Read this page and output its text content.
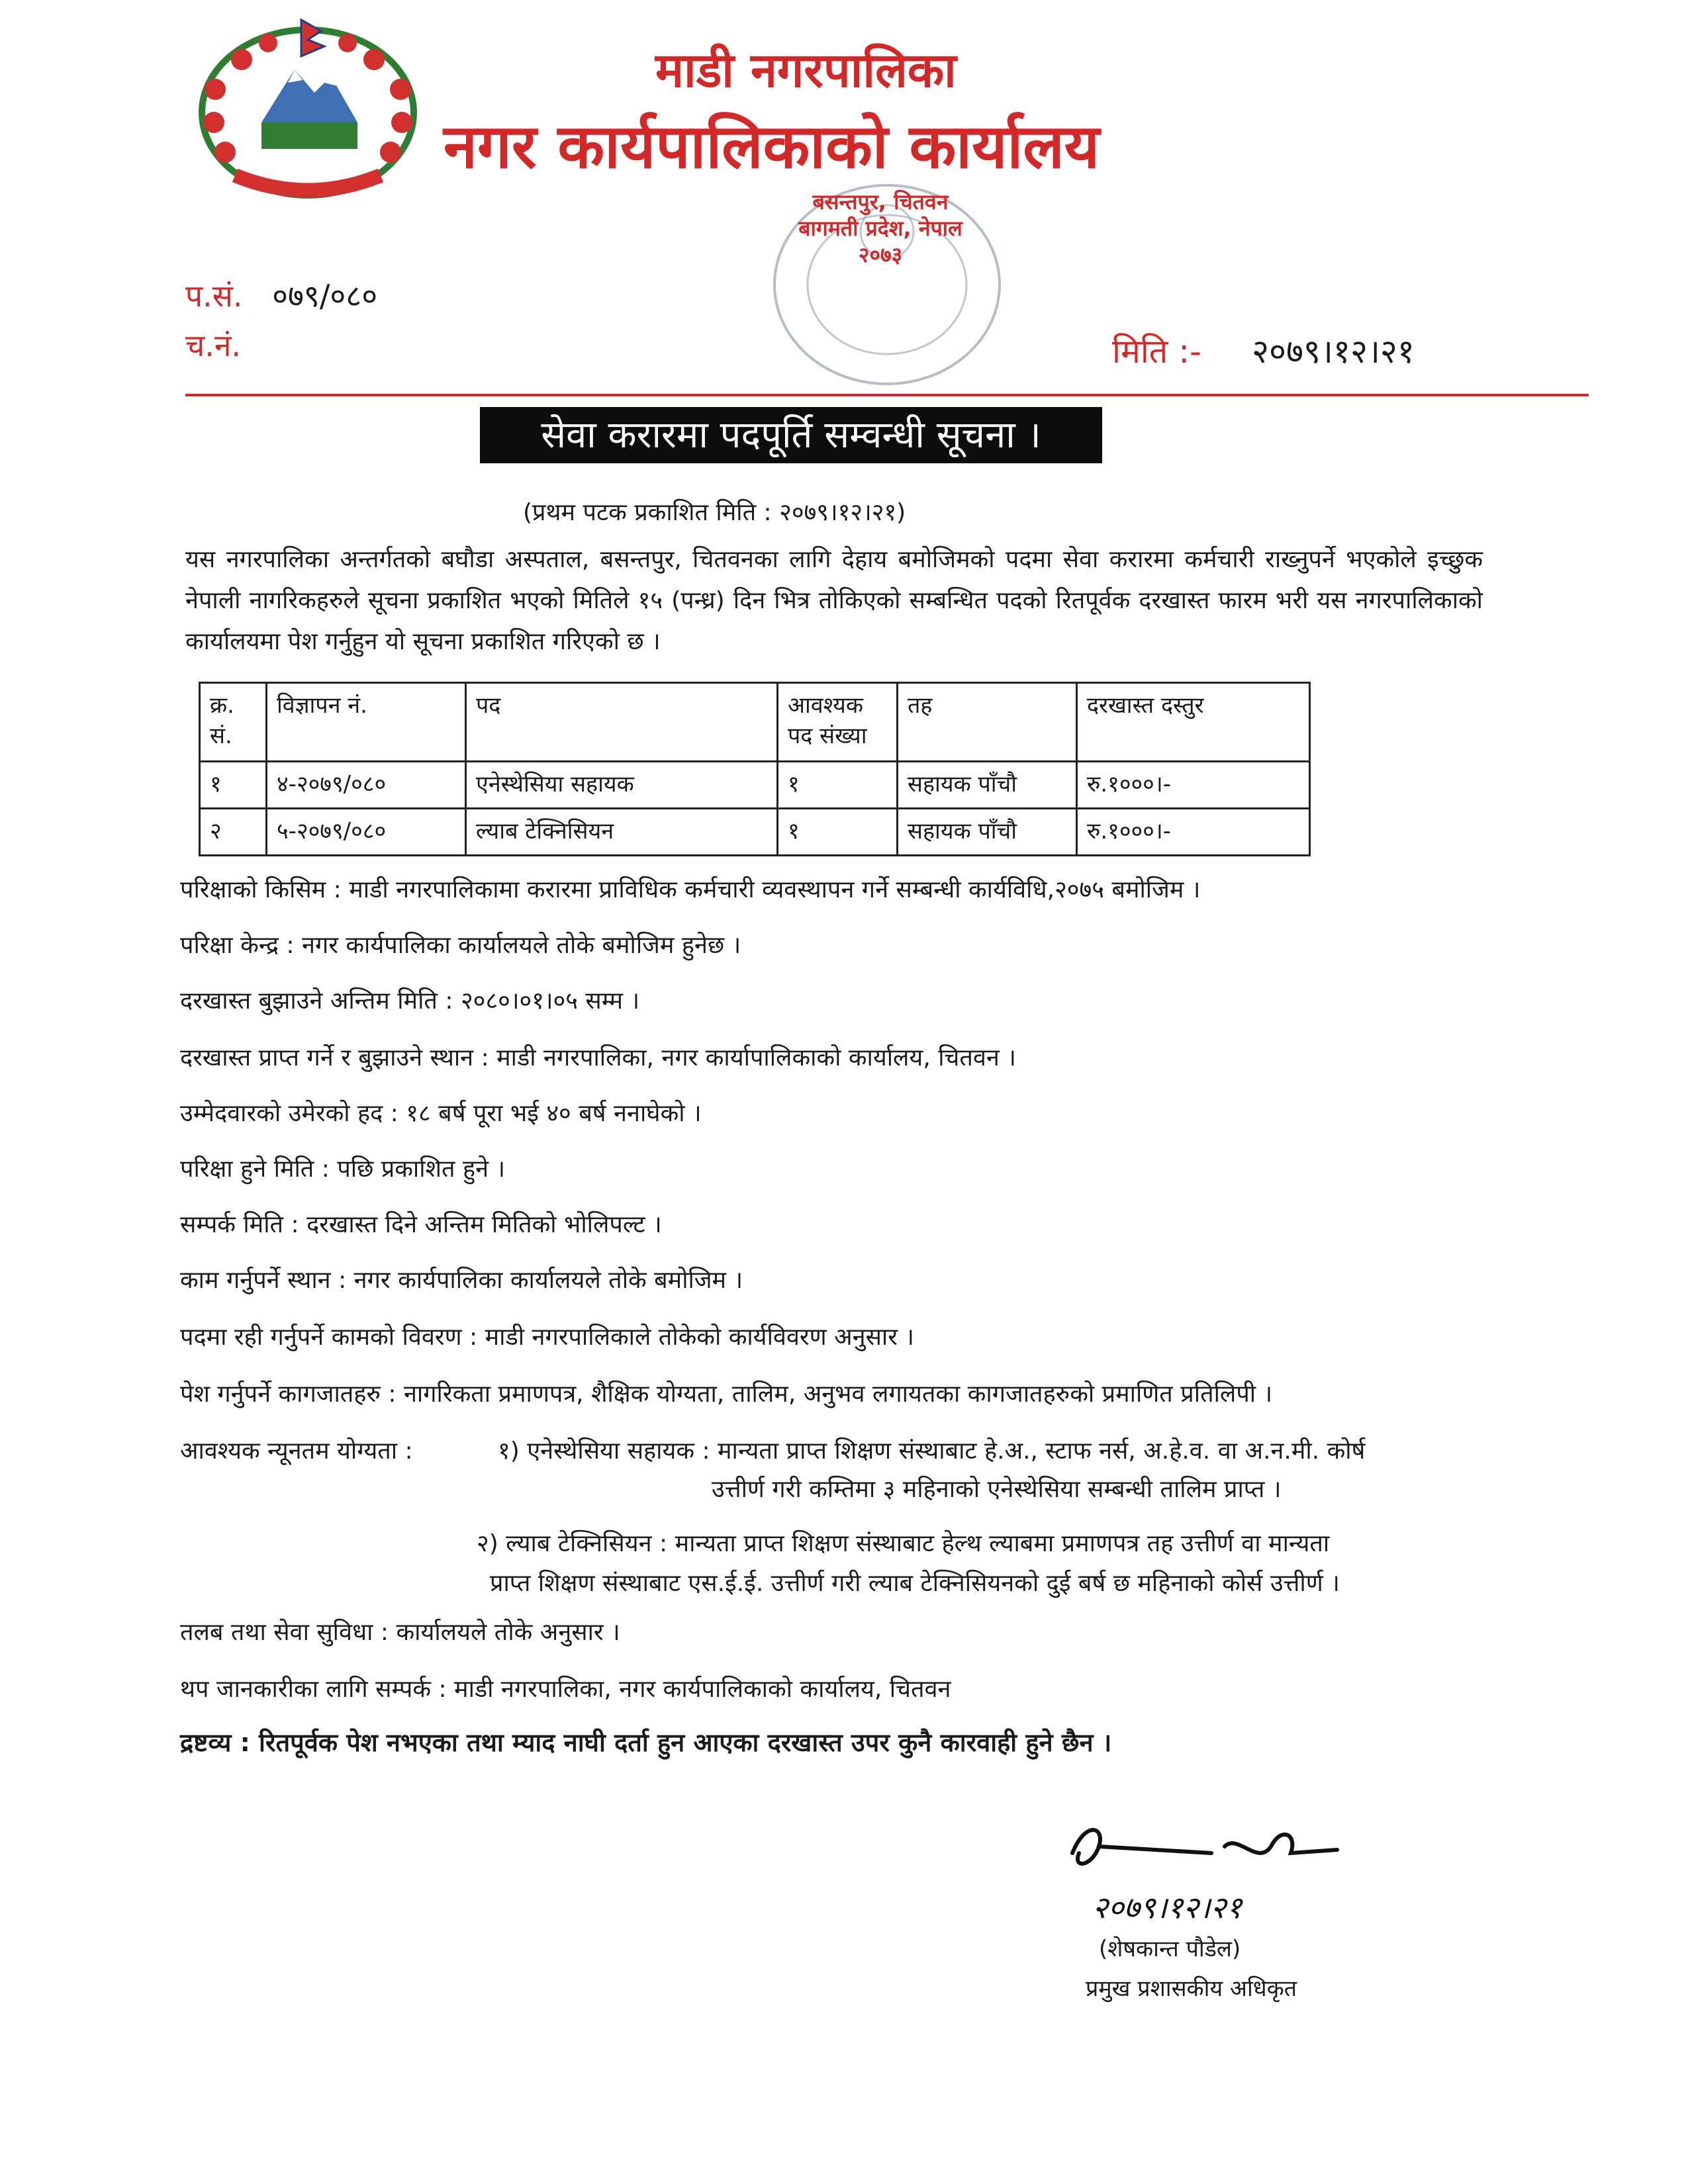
माडी नगरपालिका
नगर कार्यपालिकाको कार्यालय
बसन्तपुर, चितवन
बागमती प्रदेश, नेपाल
२०७३
प.सं. ०७९/०८०
च.नं.	मिति :- २०७९।१२।२१
सेवा करारमा पदपूर्ति सम्वन्धी सूचना ।
(प्रथम पटक प्रकाशित मिति : २०७९।१२।२१)
यस नगरपालिका अन्तर्गतको बघौडा अस्पताल, बसन्तपुर, चितवनका लागि देहाय बमोजिमको पदमा सेवा करारमा कर्मचारी राख्नुपर्ने भएकोले इच्छुक नेपाली नागरिकहरुले सूचना प्रकाशित भएको मितिले १५ (पन्ध्र) दिन भित्र तोकिएको सम्बन्धित पदको रितपूर्वक दरखास्त फारम भरी यस नगरपालिकाको कार्यालयमा पेश गर्नुहुन यो सूचना प्रकाशित गरिएको छ ।
क्र. सं.	विज्ञापन नं.	पद	आवश्यक पद संख्या	तह	दरखास्त दस्तुर
१	४-२०७९/०८०	एनेस्थेसिया सहायक	१	सहायक पाँचौ	रु.१०००।-
२	५-२०७९/०८०	ल्याब टेक्निसियन	१	सहायक पाँचौ	रु.१०००।-
परिक्षाको किसिम : माडी नगरपालिकामा करारमा प्राविधिक कर्मचारी व्यवस्थापन गर्ने सम्बन्धी कार्यविधि,२०७५ बमोजिम ।
परिक्षा केन्द्र : नगर कार्यपालिका कार्यालयले तोके बमोजिम हुनेछ ।
दरखास्त बुझाउने अन्तिम मिति : २०८०।०१।०५ सम्म ।
दरखास्त प्राप्त गर्ने र बुझाउने स्थान : माडी नगरपालिका, नगर कार्यापालिकाको कार्यालय, चितवन ।
उम्मेदवारको उमेरको हद : १८ बर्ष पूरा भई ४० बर्ष ननाघेको ।
परिक्षा हुने मिति : पछि प्रकाशित हुने ।
सम्पर्क मिति : दरखास्त दिने अन्तिम मितिको भोलिपल्ट ।
काम गर्नुपर्ने स्थान : नगर कार्यपालिका कार्यालयले तोके बमोजिम ।
पदमा रही गर्नुपर्ने कामको विवरण : माडी नगरपालिकाले तोकेको कार्यविवरण अनुसार ।
पेश गर्नुपर्ने कागजातहरु : नागरिकता प्रमाणपत्र, शैक्षिक योग्यता, तालिम, अनुभव लगायतका कागजातहरुको प्रमाणित प्रतिलिपी ।
आवश्यक न्यूनतम योग्यता :	१) एनेस्थेसिया सहायक : मान्यता प्राप्त शिक्षण संस्थाबाट हे.अ., स्टाफ नर्स, अ.हे.व. वा अ.न.मी. कोर्ष
उत्तीर्ण गरी कम्तिमा ३ महिनाको एनेस्थेसिया सम्बन्धी तालिम प्राप्त ।
२) ल्याब टेक्निसियन : मान्यता प्राप्त शिक्षण संस्थाबाट हेल्थ ल्याबमा प्रमाणपत्र तह उत्तीर्ण वा मान्यता
प्राप्त शिक्षण संस्थाबाट एस.ई.ई. उत्तीर्ण गरी ल्याब टेक्निसियनको दुई बर्ष छ महिनाको कोर्स उत्तीर्ण ।
तलब तथा सेवा सुविधा : कार्यालयले तोके अनुसार ।
थप जानकारीका लागि सम्पर्क : माडी नगरपालिका, नगर कार्यपालिकाको कार्यालय, चितवन
द्रष्टव्य : रितपूर्वक पेश नभएका तथा म्याद नाघी दर्ता हुन आएका दरखास्त उपर कुनै कारवाही हुने छैन ।
२०७९।१२।२१
(शेषकान्त पौडेल)
प्रमुख प्रशासकीय अधिकृत
